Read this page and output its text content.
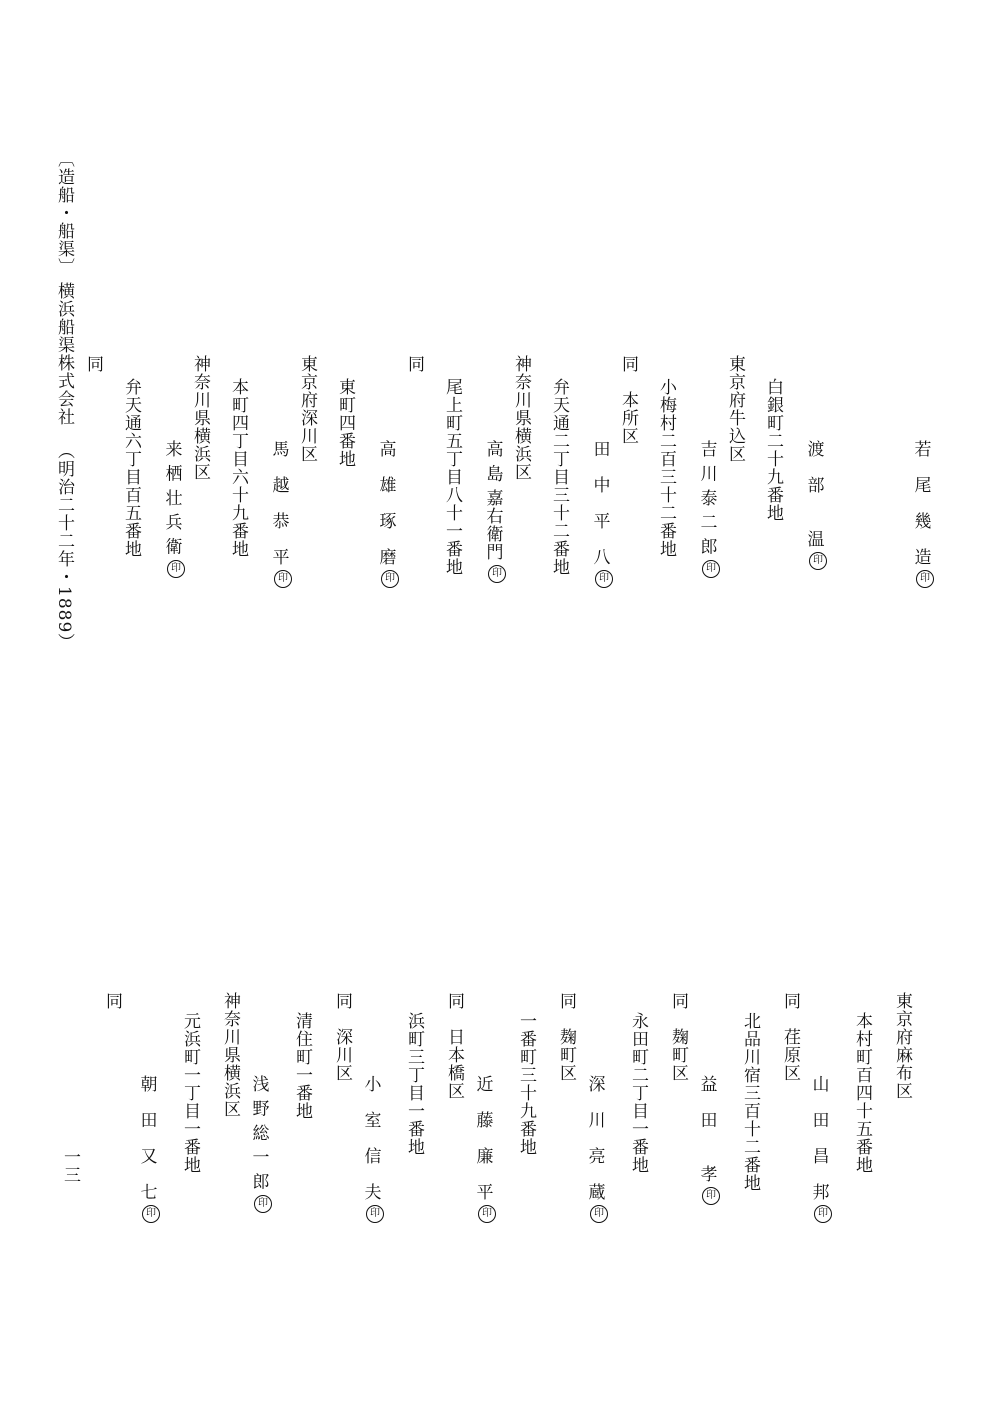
〔造船・船渠〕
横浜船渠株式会社
（明治二十二年・1889）	若　尾　幾　造印
東京府牛込区 白銀町二十九番地 渡　部　　温印
同　本所区 小梅村二百三十二番地 吉 川 泰 二 郎印
神奈川県横浜区 弁天通二丁目三十二番地 田　中　平　八印
同
尾上町五丁目八十一番地 高 島 嘉右衛門印
東京府深川区 東町四番地
高　雄　琢　磨印
神奈川県横浜区 本町四丁目六十九番地 馬　越　恭　平印
同
弁天通六丁目百五番地 来 栖 壮 兵 衛印
東京府麻布区
本村町百四十五番地
山　田　昌　邦印
同　荏原区
北品川宿三百十二番地
益　田　　孝印
同　麹町区
永田町二丁目一番地
深　川　亮　蔵印
同　麹町区
一番町三十九番地
近　藤　廉　平印
同　日本橋区
浜町三丁目一番地
小　室　信　夫印
同　深川区
清住町一番地
浅 野 総 一 郎印
神奈川県横浜区
元浜町一丁目一番地
朝　田　又　七印
同
一三
